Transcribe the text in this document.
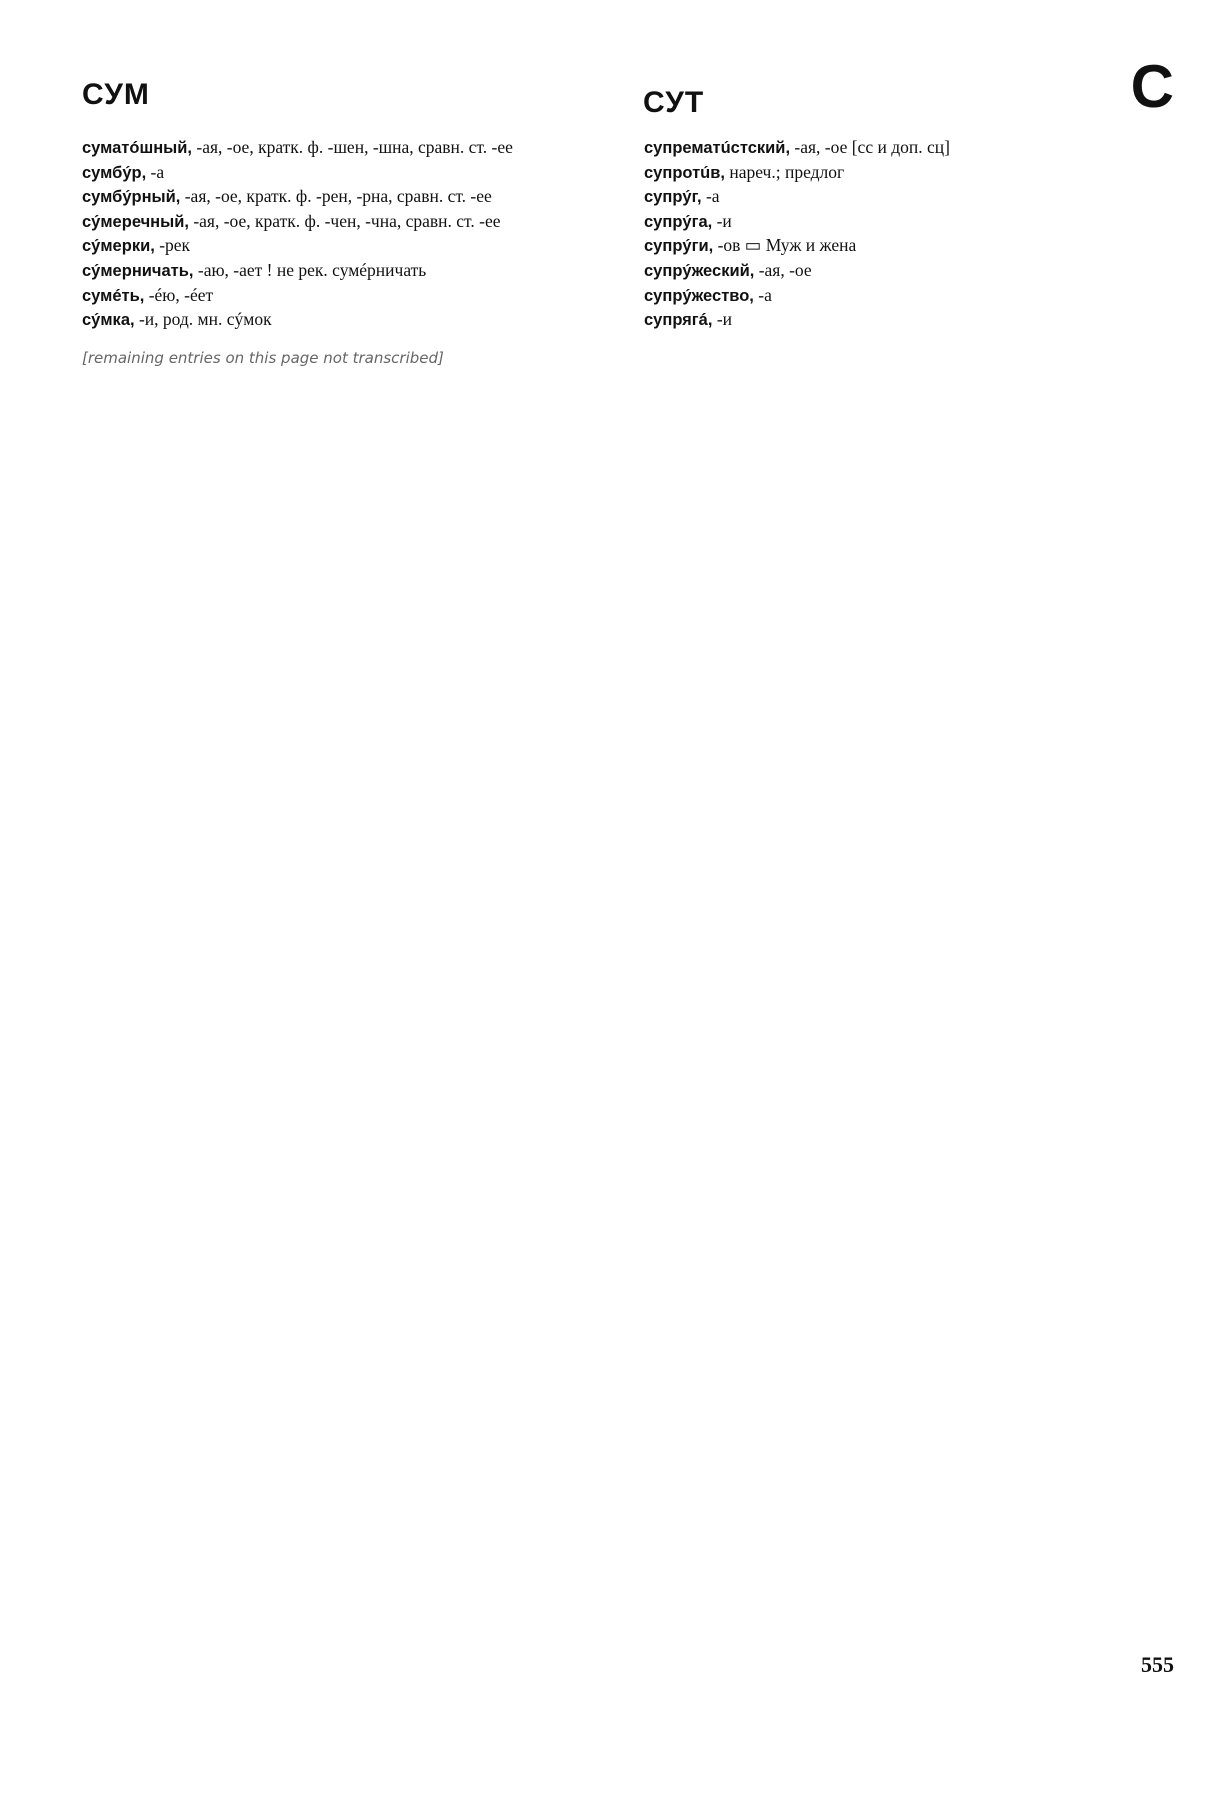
СУМ	СУТ	С

суматóшный, -ая, -ое, кратк. ф. -шен, -шна, сравн. ст. -ее

сумбýр, -а

сумбýрный, -ая, -ое, кратк. ф. -рен, -рна, сравн. ст. -ее

сýмеречный, -ая, -ое, кратк. ф. -чен, -чна, сравн. ст. -ее

сýмерки, -рек

сýмерничать, -аю, -ает ! не рек. сумéрничать

сумéть, -éю, -éет

сýмка, -и, род. мн. сýмок

[remaining entries on this page not transcribed]

супрематúстский, -ая, -ое [сс и доп. сц]

супротúв, нареч.; предлог

супрýг, -а

супрýга, -и

супрýги, -ов ▭ Муж и жена

супрýжеский, -ая, -ое

супрýжество, -а

супрягá, -и

555
